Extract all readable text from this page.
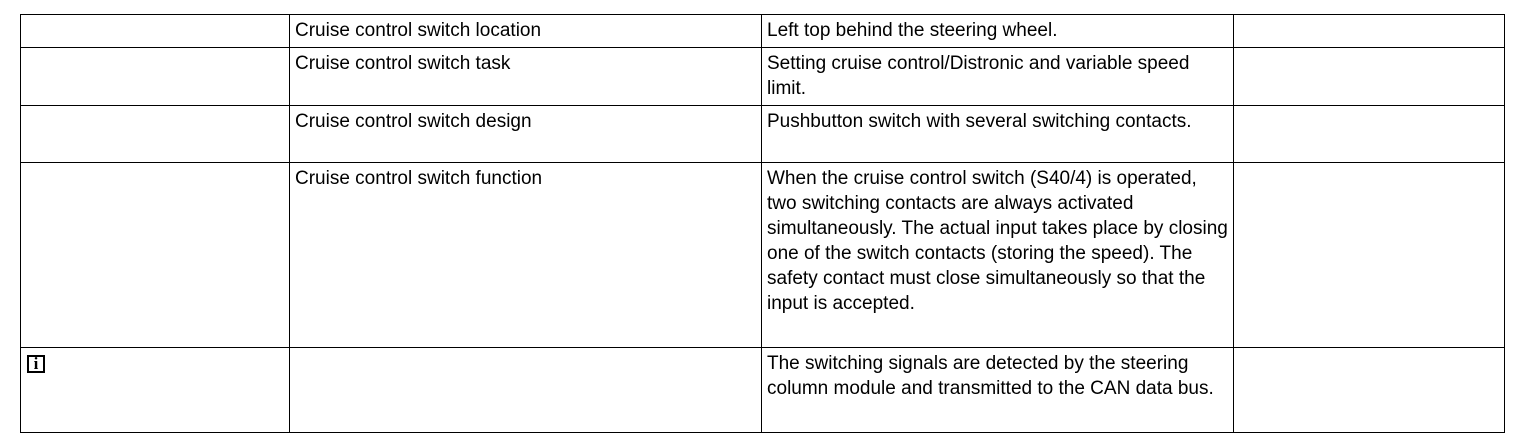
	Cruise control switch location	Left top behind the steering wheel.	
	Cruise control switch task	Setting cruise control/Distronic and variable speed limit.	
	Cruise control switch design	Pushbutton switch with several switching contacts.	
	Cruise control switch function	When the cruise control switch (S40/4) is operated, two switching contacts are always activated simultaneously. The actual input takes place by closing one of the switch contacts (storing the speed). The safety contact must close simultaneously so that the input is accepted.	
i		The switching signals are detected by the steering column module and transmitted to the CAN data bus.	
